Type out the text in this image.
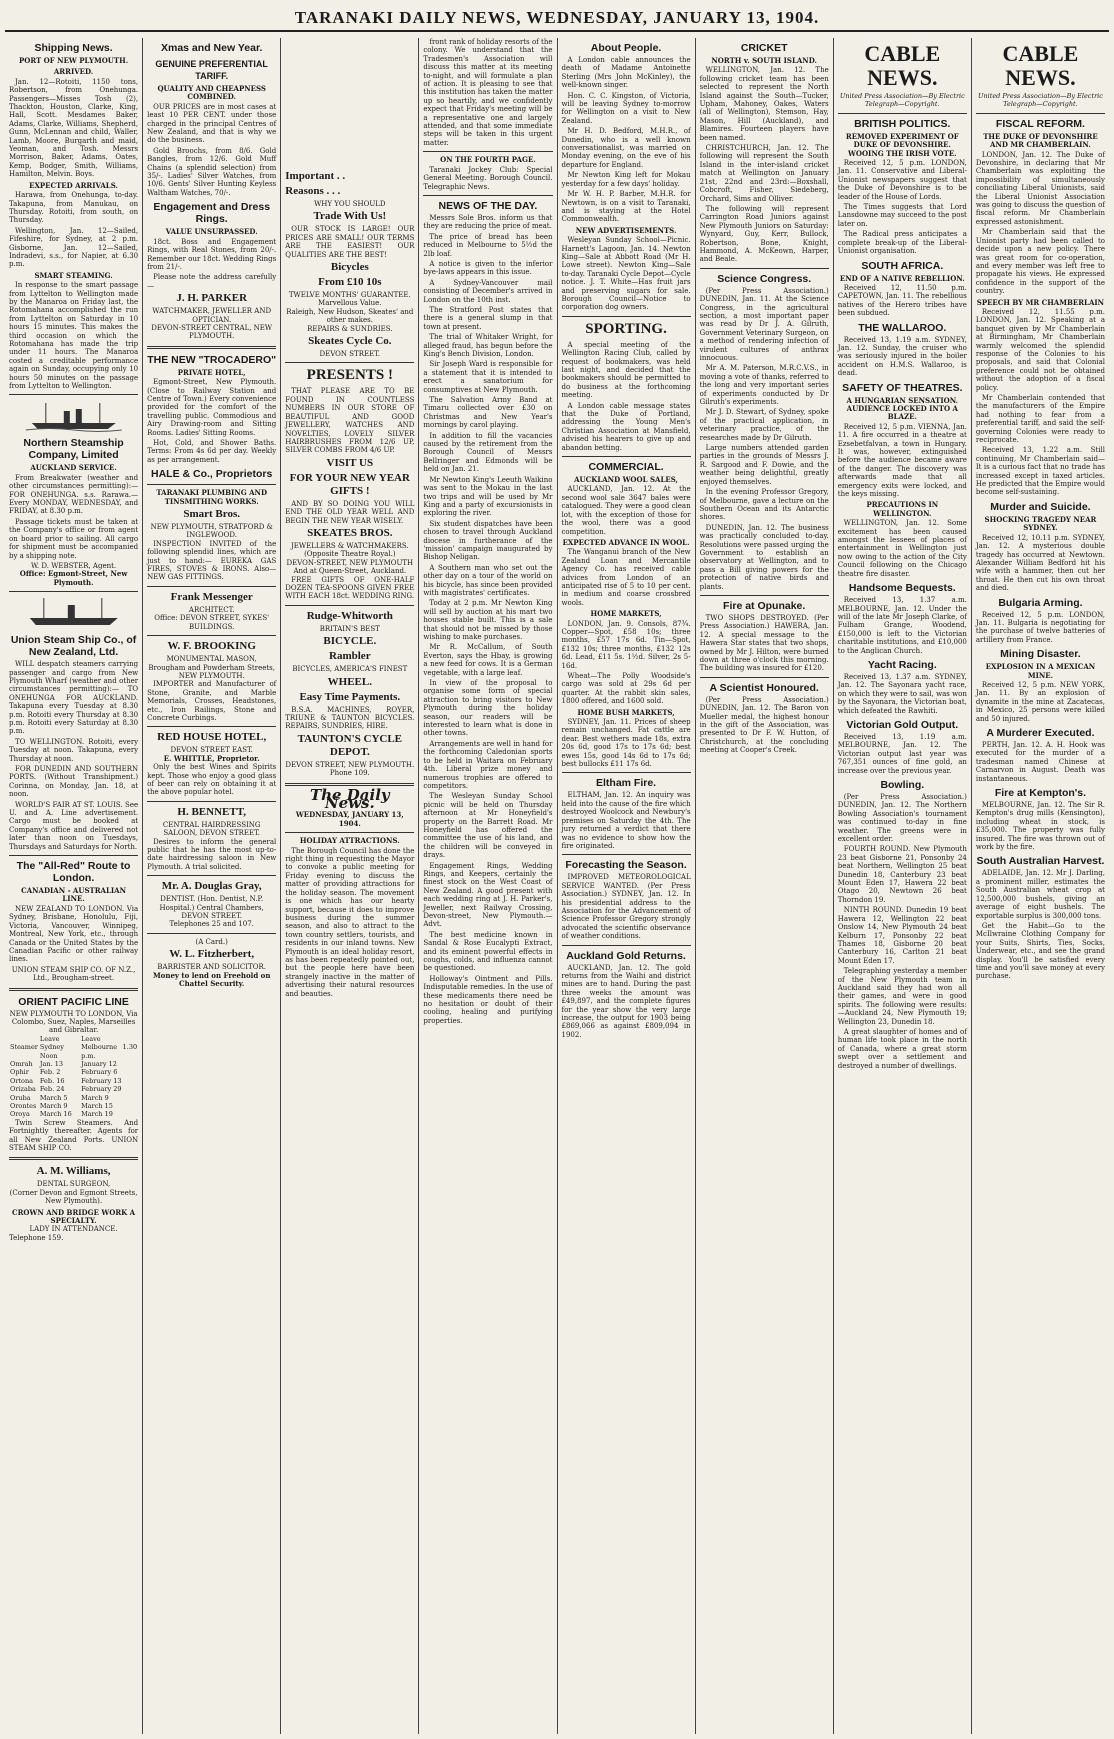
TARANAKI DAILY NEWS, WEDNESDAY, JANUARY 13, 1904.
Shipping News.
PORT OF NEW PLYMOUTH.
ARRIVED.

Jan. 12—Rotoiti, 1150 tons, Robertson, from Onehunga. Passengers—Misses Tosh (2), Thackton, Houston, Clarke, King, Hall, Scott. Mesdames Baker, Adams, Clarke, Williams, Shepherd, Gunn, McLennan and child, Waller, Lamb, Moore, Burgarth and maid, Yeoman, and Tosh. Messrs Morrison, Baker, Adams, Oates, Kemp, Bodger, Smith, Williams, Hamilton, Melvin. Boys.

EXPECTED ARRIVALS.

Harawa, from Onehunga, to-day. Takapuna, from Manukau, on Thursday. Rotoiti, from south, on Thursday.

Wellington, Jan. 12—Sailed, Fifeshire, for Sydney, at 2 p.m. Gisborne, Jan. 12—Sailed, Indradevi, s.s., for Napier, at 6.30 p.m.

SMART STEAMING.

In response to the smart passage from Lyttelton to Wellington made by the Manaroa on Friday last, the Rotomahana accomplished the run from Lyttelton on Saturday in 10 hours 15 minutes. This makes the third occasion on which the Rotomahana has made the trip under 11 hours. The Manaroa costed a creditable performance again on Sunday, occupying only 10 hours 50 minutes on the passage from Lyttelton to Wellington.

Northern Steamship Company, Limited
AUCKLAND SERVICE.

From Breakwater (weather and other circumstances permitting):— FOR ONEHUNGA. s.s. Rarawa.— Every MONDAY, WEDNESDAY, and FRIDAY, at 8.30 p.m.

Passage tickets must be taken at the Company's office or from agent on board prior to sailing. All cargo for shipment must be accompanied by a shipping note.

W. D. WEBSTER, Agent.
Office: Egmont-Street, New Plymouth.
Union Steam Ship Co., of New Zealand, Ltd.

WILL despatch steamers carrying passenger and cargo from New Plymouth Wharf (weather and other circumstances permitting):— TO ONEHUNGA FOR AUCKLAND. Takapuna every Tuesday at 8.30 p.m. Rotoiti every Thursday at 8.30 p.m. Rotoiti every Saturday at 8.30 p.m.

TO WELLINGTON. Rotoiti, every Tuesday at noon. Takapuna, every Thursday at noon.

FOR DUNEDIN AND SOUTHERN PORTS. (Without Transhipment.) Corinna, on Monday, Jan. 18, at noon.

WORLD'S FAIR AT ST. LOUIS. See U. and A. Line advertisement. Cargo must be booked at Company's office and delivered not later than noon on Tuesdays, Thursdays and Saturdays for North.

The "All-Red" Route to London.
CANADIAN - AUSTRALIAN LINE.

NEW ZEALAND TO LONDON. Via Sydney, Brisbane, Honolulu, Fiji, Victoria, Vancouver, Winnipeg, Montreal, New York, etc., through Canada or the United States by the Canadian Pacific or other railway lines.

UNION STEAM SHIP CO. OF N.Z., Ltd., Brougham-street.
ORIENT PACIFIC LINE
NEW PLYMOUTH TO LONDON, Via Colombo, Suez, Naples, Marseilles and Gibraltar.
Steamer	Leave Sydney Noon	Leave Melbourne 1.30 p.m.
Omrah	Jan. 13	January 12
Ophir	Feb. 2	February 6
Ortona	Feb. 16	February 13
Orizaba	Feb. 24	February 29
Oruba	March 5	March 9
Orontes	March 9	March 15
Oroya	March 16	March 19

Twin Screw Steamers. And Fortnightly thereafter. Agents for all New Zealand Ports. UNION STEAM SHIP CO.

A. M. Williams,
DENTAL SURGEON,
(Corner Devon and Egmont Streets, New Plymouth).
CROWN AND BRIDGE WORK A SPECIALTY.
LADY IN ATTENDANCE.
Telephone 159.
Xmas and New Year.
GENUINE PREFERENTIAL TARIFF.
QUALITY AND CHEAPNESS COMBINED.

OUR PRICES are in most cases at least 10 PER CENT. under those charged in the principal Centres of New Zealand, and that is why we do the business.

Gold Broochs, from 8/6. Gold Bangles, from 12/6. Gold Muff Chains (a splendid selection) from 35/-. Ladies' Silver Watches, from 10/6. Gents' Silver Hunting Keyless Waltham Watches, 70/-.

Engagement and Dress Rings.
VALUE UNSURPASSED.

18ct. Boss and Engagement Rings, with Real Stones, from 20/-. Remember our 18ct. Wedding Rings from 21/-.

Please note the address carefully—

J. H. PARKER
WATCHMAKER, JEWELLER AND OPTICIAN.
DEVON-STREET CENTRAL, NEW PLYMOUTH.
THE NEW "TROCADERO"
PRIVATE HOTEL,

Egmont-Street, New Plymouth. (Close to Railway Station and Centre of Town.) Every convenience provided for the comfort of the travelling public. Commodious and Airy Drawing-room and Sitting Rooms. Ladies' Sitting Rooms.

Hot, Cold, and Shower Baths. Terms: From 4s 6d per day. Weekly as per arrangement.

HALE & Co., Proprietors
TARANAKI PLUMBING AND TINSMITHING WORKS.
Smart Bros.
NEW PLYMOUTH, STRATFORD & INGLEWOOD.

INSPECTION INVITED of the following splendid lines, which are just to hand:— EUREKA GAS FIRES, STOVES & IRONS. Also—NEW GAS FITTINGS.

Frank Messenger
ARCHITECT.
Office: DEVON STREET, SYKES' BUILDINGS.
W. F. BROOKING
MONUMENTAL MASON, Brougham and Powderham Streets, NEW PLYMOUTH.

IMPORTER and Manufacturer of Stone, Granite, and Marble Memorials, Crosses, Headstones, etc., Iron Railings, Stone and Concrete Curbings.

RED HOUSE HOTEL,
DEVON STREET EAST.
E. WHITTLE, Proprietor.

Only the best Wines and Spirits kept. Those who enjoy a good glass of beer can rely on obtaining it at the above popular hotel.

H. BENNETT,
CENTRAL HAIRDRESSING SALOON, DEVON STREET.

Desires to inform the general public that he has the most up-to-date hairdressing saloon in New Plymouth. A trial solicited.

Mr. A. Douglas Gray,
DENTIST. (Hon. Dentist, N.P. Hospital.) Central Chambers, DEVON STREET.
Telephones 25 and 107.
(A Card.)
W. L. Fitzherbert,
BARRISTER AND SOLICITOR.
Money to lend on Freehold on Chattel Security.
Important . .
Reasons . . .
WHY YOU SHOULD
Trade With Us!

OUR STOCK IS LARGE! OUR PRICES ARE SMALL! OUR TERMS ARE THE EASIEST! OUR QUALITIES ARE THE BEST!

Bicycles
From £10 10s
TWELVE MONTHS' GUARANTEE. Marvellous Value.
Raleigh, New Hudson, Skeates' and other makes.
REPAIRS & SUNDRIES.
Skeates Cycle Co.
DEVON STREET.
PRESENTS !

THAT PLEASE ARE TO BE FOUND IN COUNTLESS NUMBERS IN OUR STORE OF BEAUTIFUL AND GOOD JEWELLERY, WATCHES AND NOVELTIES, LOVELY SILVER HAIRBRUSHES FROM 12/6 UP, SILVER COMBS FROM 4/6 UP.

VISIT US
FOR YOUR NEW YEAR GIFTS !

AND BY SO DOING YOU WILL END THE OLD YEAR WELL AND BEGIN THE NEW YEAR WISELY.

SKEATES BROS.
JEWELLERS & WATCHMAKERS.
(Opposite Theatre Royal.)
DEVON-STREET, NEW PLYMOUTH And at Queen-Street, Auckland.

FREE GIFTS OF ONE-HALF DOZEN TEA-SPOONS GIVEN FREE WITH EACH 18ct. WEDDING RING.

Rudge-Whitworth
BRITAIN'S BEST
BICYCLE.
Rambler
BICYCLES, AMERICA'S FINEST
WHEEL.
Easy Time Payments.

B.S.A. MACHINES, ROYER, TRIUNE & TAUNTON BICYCLES. REPAIRS, SUNDRIES, HIRE.

TAUNTON'S CYCLE DEPOT.
DEVON STREET, NEW PLYMOUTH. Phone 109.
The Daily News.
WEDNESDAY, JANUARY 13, 1904.
HOLIDAY ATTRACTIONS.

The Borough Council has done the right thing in requesting the Mayor to convoke a public meeting for Friday evening to discuss the matter of providing attractions for the holiday season. The movement is one which has our hearty support, because it does to improve business during the summer season, and also to attract to the town country settlers, tourists, and residents in our inland towns. New Plymouth is an ideal holiday resort, as has been repeatedly pointed out, but the people here have been strangely inactive in the matter of advertising their natural resources and beauties.

front rank of holiday resorts of the colony. We understand that the Tradesmen's Association will discuss this matter at its meeting to-night, and will formulate a plan of action. It is pleasing to see that this institution has taken the matter up so heartily, and we confidently expect that Friday's meeting will be a representative one and largely attended, and that some immediate steps will be taken in this urgent matter.

ON THE FOURTH PAGE.

Taranaki Jockey Club: Special General Meeting. Borough Council. Telegraphic News.

NEWS OF THE DAY.

Messrs Sole Bros. inform us that they are reducing the price of meat.

The price of bread has been reduced in Melbourne to 5½d the 2lb loaf.

A notice is given to the inferior bye-laws appears in this issue.

A Sydney-Vancouver mail consisting of December's arrived in London on the 10th inst.

The Stratford Post states that there is a general slump in that town at present.

The trial of Whitaker Wright, for alleged fraud, has begun before the King's Bench Division, London.

Sir Joseph Ward is responsible for a statement that it is intended to erect a sanatorium for consumptives at New Plymouth.

The Salvation Army Band at Timaru collected over £30 on Christmas and New Year's mornings by carol playing.

In addition to fill the vacancies caused by the retirement from the Borough Council of Messrs Bellringer and Edmonds will be held on Jan. 21.

Mr Newton King's Leeuth Waikino was sent to the Mokau in the last two trips and will be used by Mr King and a party of excursionists in exploring the river.

Six student dispatches have been chosen to travel through Auckland diocese in furtherance of the 'mission' campaign inaugurated by Bishop Neligan.

A Southern man who set out the other day on a tour of the world on his bicycle, has since been provided with magistrates' certificates.

Today at 2 p.m. Mr Newton King will sell by auction at his mart two houses stable built. This is a sale that should not be missed by those wishing to make purchases.

Mr R. McCallum, of South Everton, says the Hbay, is growing a new feed for cows. It is a German vegetable, with a large leaf.

In view of the proposal to organise some form of special attraction to bring visitors to New Plymouth during the holiday season, our readers will be interested to learn what is done in other towns.

Arrangements are well in hand for the forthcoming Caledonian sports to be held in Waitara on February 4th. Liberal prize money and numerous trophies are offered to competitors.

The Wesleyan Sunday School picnic will be held on Thursday afternoon at Mr Honeyfield's property on the Barrett Road. Mr Honeyfield has offered the committee the use of his land, and the children will be conveyed in drays.

Engagement Rings, Wedding Rings, and Keepers, certainly the finest stock on the West Coast of New Zealand. A good present with each wedding ring at J. H. Parker's, Jeweller, next Railway Crossing, Devon-street, New Plymouth.—Advt.

The best medicine known in Sandal & Rose Eucalypti Extract, and its eminent powerful effects in coughs, colds, and influenza cannot be questioned.

Holloway's Ointment and Pills. Indisputable remedies. In the use of these medicaments there need be no hesitation or doubt of their cooling, healing and purifying properties.

About People.

A London cable announces the death of Madame Antoinette Sterling (Mrs John McKinley), the well-known singer.

Hon. C. C. Kingston, of Victoria, will be leaving Sydney to-morrow for Wellington on a visit to New Zealand.

Mr H. D. Bedford, M.H.R., of Dunedin, who is a well known conversationalist, was married on Monday evening, on the eve of his departure for England.

Mr Newton King left for Mokau yesterday for a few days' holiday.

Mr W. H. P. Barber, M.H.R. for Newtown, is on a visit to Taranaki, and is staying at the Hotel Commonwealth.

NEW ADVERTISEMENTS.

Wesleyan Sunday School—Picnic. Harnett's Lagoon, Jan. 14. Newton King—Sale at Abbott Road (Mr H. Lowe street). Newton King—Sale to-day. Taranaki Cycle Depot—Cycle notice. J. T. White—Has fruit jars and preserving sugars for sale. Borough Council—Notice to corporation dog owners.

SPORTING.

A special meeting of the Wellington Racing Club, called by request of bookmakers, was held last night, and decided that the bookmakers should be permitted to do business at the forthcoming meeting.

A London cable message states that the Duke of Portland, addressing the Young Men's Christian Association at Mansfield, advised his hearers to give up and abandon betting.

COMMERCIAL.
AUCKLAND WOOL SALES,

AUCKLAND, Jan. 12. At the second wool sale 3647 bales were catalogued. They were a good clean lot, with the exception of those for the wool, there was a good competition.

EXPECTED ADVANCE IN WOOL.

The Wanganui branch of the New Zealand Loan and Mercantile Agency Co. has received cable advices from London of an anticipated rise of 5 to 10 per cent. in medium and coarse crossbred wools.

HOME MARKETS,

LONDON, Jan. 9. Consols, 87¾. Copper—Spot, £58 10s; three months, £57 17s 6d. Tin—Spot, £132 10s; three months, £132 12s 6d. Lead, £11 5s. 1½d. Silver, 2s 5-16d.

Wheat—The Polly Woodside's cargo was sold at 29s 6d per quarter. At the rabbit skin sales, 1800 offered, and 1600 sold.

HOME BUSH MARKETS,

SYDNEY, Jan. 11. Prices of sheep remain unchanged. Fat cattle are dear. Best wethers made 18s, extra 20s 6d, good 17s to 17s 6d; best ewes 15s, good 14s 6d to 17s 6d; best bullocks £11 17s 6d.

Eltham Fire.

ELTHAM, Jan. 12. An inquiry was held into the cause of the fire which destroyed Woolcock and Newbury's premises on Saturday the 4th. The jury returned a verdict that there was no evidence to show how the fire originated.

Forecasting the Season.

IMPROVED METEOROLOGICAL SERVICE WANTED. (Per Press Association.) SYDNEY, Jan. 12. In his presidential address to the Association for the Advancement of Science Professor Gregory strongly advocated the scientific observance of weather conditions.

Auckland Gold Returns.

AUCKLAND, Jan. 12. The gold returns from the Waihi and district mines are to hand. During the past three weeks the amount was £49,897, and the complete figures for the year show the very large increase, the output for 1903 being £869,066 as against £809,094 in 1902.

CRICKET
NORTH v. SOUTH ISLAND.

WELLINGTON, Jan. 12. The following cricket team has been selected to represent the North Island against the South—Tucker, Upham, Mahoney, Oakes, Waters (all of Wellington), Stemson, Hay, Mason, Hill (Auckland), and Blamires. Fourteen players have been named.

CHRISTCHURCH, Jan. 12. The following will represent the South Island in the inter-island cricket match at Wellington on January 21st, 22nd and 23rd:—Boxshall, Cobcroft, Fisher, Siedeberg, Orchard, Sims and Olliver.

The following will represent Carrington Road Juniors against New Plymouth Juniors on Saturday: Wynyard, Guy, Kerr, Bullock, Robertson, Bone, Knight, Hammond, A. McKeown, Harper, and Beale.

Science Congress.

(Per Press Association.) DUNEDIN, Jan. 11. At the Science Congress, in the agricultural section, a most important paper was read by Dr J. A. Gilruth, Government Veterinary Surgeon, on a method of rendering infection of virulent cultures of anthrax innocuous.

Mr A. M. Paterson, M.R.C.V.S., in moving a vote of thanks, referred to the long and very important series of experiments conducted by Dr Gilruth's experiments.

Mr J. D. Stewart, of Sydney, spoke of the practical application, in veterinary practice, of the researches made by Dr Gilruth.

Large numbers attended garden parties in the grounds of Messrs J. R. Sargood and F. Dowie, and the weather being delightful, greatly enjoyed themselves.

In the evening Professor Gregory, of Melbourne, gave a lecture on the Southern Ocean and its Antarctic shores.

DUNEDIN, Jan. 12. The business was practically concluded to-day. Resolutions were passed urging the Government to establish an observatory at Wellington, and to pass a Bill giving powers for the protection of native birds and plants.

Fire at Opunake.

TWO SHOPS DESTROYED. (Per Press Association.) HAWERA, Jan. 12. A special message to the Hawera Star states that two shops, owned by Mr J. Hilton, were burned down at three o'clock this morning. The building was insured for £120.

A Scientist Honoured.

(Per Press Association.) DUNEDIN, Jan. 12. The Baron von Mueller medal, the highest honour in the gift of the Association, was presented to Dr F. W. Hutton, of Christchurch, at the concluding meeting at Cooper's Creek.

CABLE NEWS.
United Press Association—By Electric Telegraph—Copyright.
BRITISH POLITICS.
REMOVED EXPERIMENT OF DUKE OF DEVONSHIRE. WOOING THE IRISH VOTE.

Received 12, 5 p.m. LONDON, Jan. 11. Conservative and Liberal-Unionist newspapers suggest that the Duke of Devonshire is to be leader of the House of Lords.

The Times suggests that Lord Lansdowne may succeed to the post later on.

The Radical press anticipates a complete break-up of the Liberal-Unionist organisation.

SOUTH AFRICA.
END OF A NATIVE REBELLION.

Received 12, 11.50 p.m. CAPETOWN, Jan. 11. The rebellious natives of the Herero tribes have been subdued.

THE WALLAROO.

Received 13, 1.19 a.m. SYDNEY, Jan. 12. Sunday, the cruiser who was seriously injured in the boiler accident on H.M.S. Wallaroo, is dead.

SAFETY OF THEATRES.
A HUNGARIAN SENSATION. AUDIENCE LOCKED INTO A BLAZE.

Received 12, 5 p.m. VIENNA, Jan. 11. A fire occurred in a theatre at Ezsebetfalvan, a town in Hungary. It was, however, extinguished before the audience became aware of the danger. The discovery was afterwards made that all emergency exits were locked, and the keys missing.

PRECAUTIONS IN WELLINGTON.

WELLINGTON, Jan. 12. Some excitement has been caused amongst the lessees of places of entertainment in Wellington just now owing to the action of the City Council following on the Chicago theatre fire disaster.

Handsome Bequests.

Received 13, 1.37 a.m. MELBOURNE, Jan. 12. Under the will of the late Mr Joseph Clarke, of Fulham Grange, Woodend, £150,000 is left to the Victorian charitable institutions, and £10,000 to the Anglican Church.

Yacht Racing.

Received 13, 1.37 a.m. SYDNEY, Jan. 12. The Sayonara yacht race, on which they were to sail, was won by the Sayonara, the Victorian boat, which defeated the Rawhiti.

Victorian Gold Output.

Received 13, 1.19 a.m. MELBOURNE, Jan. 12. The Victorian output last year was 767,351 ounces of fine gold, an increase over the previous year.

Bowling.

(Per Press Association.) DUNEDIN, Jan. 12. The Northern Bowling Association's tournament was continued to-day in fine weather. The greens were in excellent order.

FOURTH ROUND. New Plymouth 23 beat Gisborne 21, Ponsonby 24 beat Northern, Wellington 25 beat Dunedin 18, Canterbury 23 beat Mount Eden 17, Hawera 22 beat Otago 20, Newtown 26 beat Thorndon 19.

NINTH ROUND. Dunedin 19 beat Hawera 12, Wellington 22 beat Onslow 14, New Plymouth 24 beat Kelburn 17, Ponsonby 22 beat Thames 18, Gisborne 20 beat Canterbury 16, Carlton 21 beat Mount Eden 17.

Telegraphing yesterday a member of the New Plymouth team in Auckland said they had won all their games, and were in good spirits. The following were results:—Auckland 24, New Plymouth 19; Wellington 23, Dunedin 18.

A great slaughter of homes and of human life took place in the north of Canada, where a great storm swept over a settlement and destroyed a number of dwellings.

CABLE NEWS.
United Press Association—By Electric Telegraph—Copyright.
FISCAL REFORM.
THE DUKE OF DEVONSHIRE AND MR CHAMBERLAIN.

LONDON, Jan. 12. The Duke of Devonshire, in declaring that Mr Chamberlain was exploiting the impossibility of simultaneously conciliating Liberal Unionists, said the Liberal Unionist Association was going to discuss the question of fiscal reform. Mr Chamberlain expressed astonishment.

Mr Chamberlain said that the Unionist party had been called to decide upon a new policy. There was great room for co-operation, and every member was left free to propagate his views. He expressed confidence in the support of the country.

SPEECH BY MR CHAMBERLAIN

Received 12, 11.55 p.m. LONDON, Jan. 12. Speaking at a banquet given by Mr Chamberlain at Birmingham, Mr Chamberlain warmly welcomed the splendid response of the Colonies to his proposals, and said that Colonial preference could not be obtained without the adoption of a fiscal policy.

Mr Chamberlain contended that the manufacturers of the Empire had nothing to fear from a preferential tariff, and said the self-governing Colonies were ready to reciprocate.

Received 13, 1.22 a.m. Still continuing, Mr Chamberlain said—It is a curious fact that no trade has increased except in taxed articles. He predicted that the Empire would become self-sustaining.

Murder and Suicide.
SHOCKING TRAGEDY NEAR SYDNEY.

Received 12, 10.11 p.m. SYDNEY, Jan. 12. A mysterious double tragedy has occurred at Newtown. Alexander William Bedford hit his wife with a hammer, then cut her throat. He then cut his own throat and died.

Bulgaria Arming.

Received 12, 5 p.m. LONDON, Jan. 11. Bulgaria is negotiating for the purchase of twelve batteries of artillery from France.

Mining Disaster.
EXPLOSION IN A MEXICAN MINE.

Received 12, 5 p.m. NEW YORK, Jan. 11. By an explosion of dynamite in the mine at Zacatecas, in Mexico, 25 persons were killed and 50 injured.

A Murderer Executed.

PERTH, Jan. 12. A. H. Hook was executed for the murder of a tradesman named Chinese at Carnarvon in August. Death was instantaneous.

Fire at Kempton's.

MELBOURNE, Jan. 12. The Sir R. Kempton's drug mills (Kensington), including wheat in stock, is £35,000. The property was fully insured. The fire was thrown out of work by the fire.

South Australian Harvest.

ADELAIDE, Jan. 12. Mr J. Darling, a prominent miller, estimates the South Australian wheat crop at 12,500,000 bushels, giving an average of eight bushels. The exportable surplus is 300,000 tons.

Get the Habit—Go to the McIlwraine Clothing Company for your Suits, Shirts, Ties, Socks, Underwear, etc., and see the grand display. You'll be satisfied every time and you'll save money at every purchase.
